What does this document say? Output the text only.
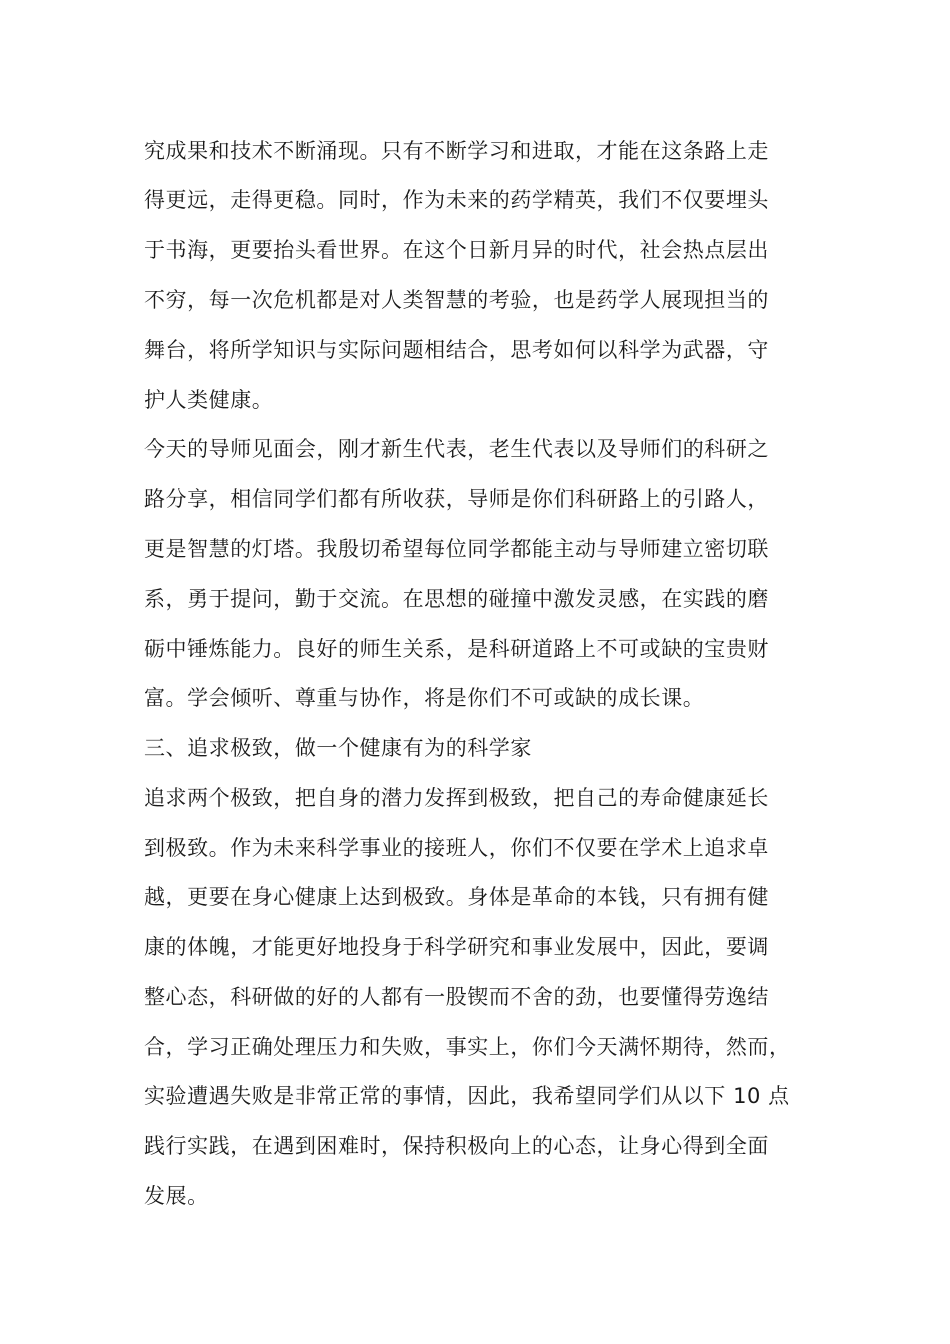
究成果和技术不断涌现。只有不断学习和进取，才能在这条路上走
得更远，走得更稳。同时，作为未来的药学精英，我们不仅要埋头
于书海，更要抬头看世界。在这个日新月异的时代，社会热点层出
不穷，每一次危机都是对人类智慧的考验，也是药学人展现担当的
舞台，将所学知识与实际问题相结合，思考如何以科学为武器，守
护人类健康。
今天的导师见面会，刚才新生代表，老生代表以及导师们的科研之
路分享，相信同学们都有所收获，导师是你们科研路上的引路人，
更是智慧的灯塔。我殷切希望每位同学都能主动与导师建立密切联
系，勇于提问，勤于交流。在思想的碰撞中激发灵感，在实践的磨
砺中锤炼能力。良好的师生关系，是科研道路上不可或缺的宝贵财
富。学会倾听、尊重与协作，将是你们不可或缺的成长课。
三、追求极致，做一个健康有为的科学家
追求两个极致，把自身的潜力发挥到极致，把自己的寿命健康延长
到极致。作为未来科学事业的接班人，你们不仅要在学术上追求卓
越，更要在身心健康上达到极致。身体是革命的本钱，只有拥有健
康的体魄，才能更好地投身于科学研究和事业发展中，因此，要调
整心态，科研做的好的人都有一股锲而不舍的劲，也要懂得劳逸结
合，学习正确处理压力和失败，事实上，你们今天满怀期待，然而，
实验遭遇失败是非常正常的事情，因此，我希望同学们从以下 10 点
践行实践，在遇到困难时，保持积极向上的心态，让身心得到全面
发展。
